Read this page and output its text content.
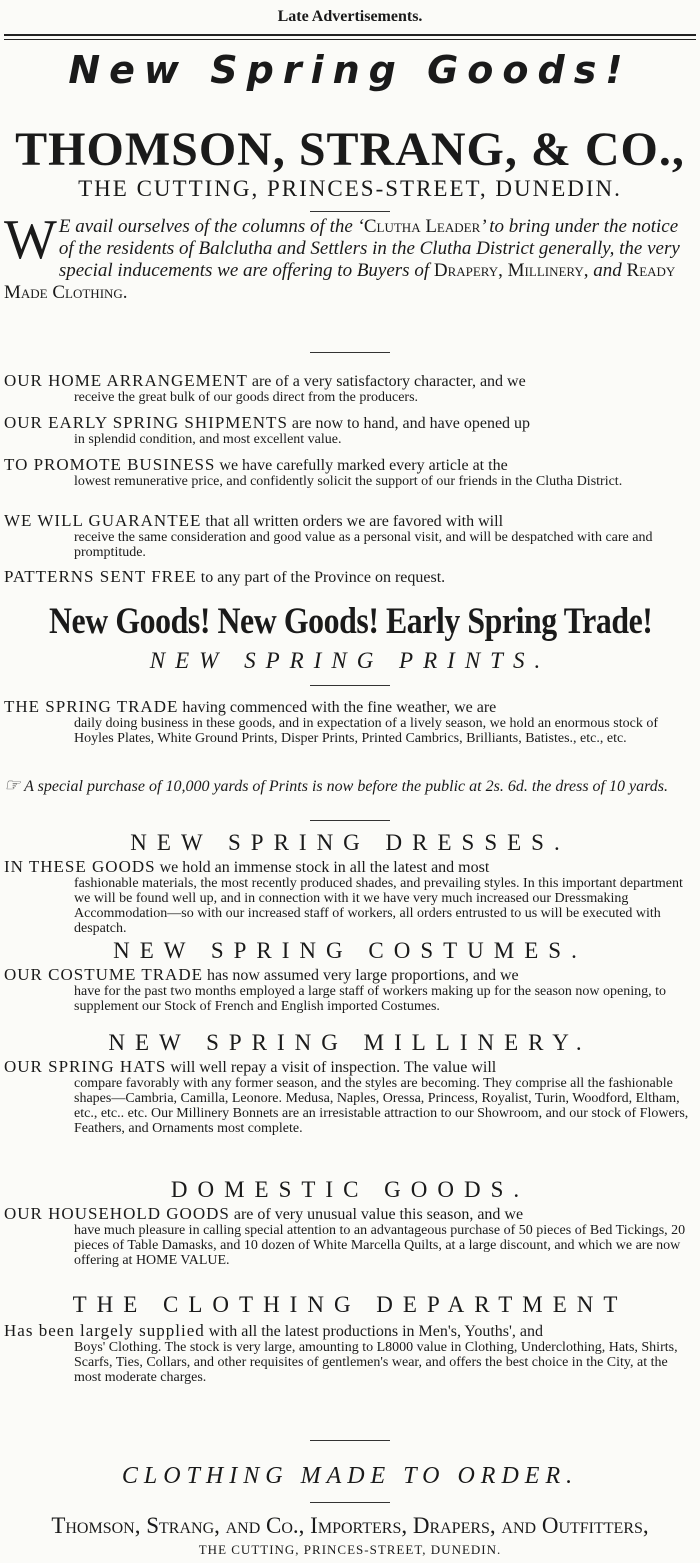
Late Advertisements.
New Spring Goods!
THOMSON, STRANG, & CO.,
THE CUTTING, PRINCES-STREET, DUNEDIN.
W E avail ourselves of the columns of the ‘Clutha Leader’ to bring under the notice of the residents of Balclutha and Settlers in the Clutha District generally, the very special inducements we are offering to Buyers of Drapery, Millinery, and Ready Made Clothing.
OUR HOME ARRANGEMENT are of a very satisfactory character, and we
receive the great bulk of our goods direct from the producers.
OUR EARLY SPRING SHIPMENTS are now to hand, and have opened up
in splendid condition, and most excellent value.
TO PROMOTE BUSINESS we have carefully marked every article at the
lowest remunerative price, and confidently solicit the support of our friends in the Clutha District.
WE WILL GUARANTEE that all written orders we are favored with will
receive the same consideration and good value as a personal visit, and will be despatched with care and promptitude.
PATTERNS SENT FREE to any part of the Province on request.
New Goods! New Goods! Early Spring Trade!
NEW SPRING PRINTS.
THE SPRING TRADE having commenced with the fine weather, we are
daily doing business in these goods, and in expectation of a lively season, we hold an enormous stock of Hoyles Plates, White Ground Prints, Disper Prints, Printed Cambrics, Brilliants, Batistes., etc., etc.
☞ A special purchase of 10,000 yards of Prints is now before the public at 2s. 6d. the dress of 10 yards.
NEW SPRING DRESSES.
IN THESE GOODS we hold an immense stock in all the latest and most
fashionable materials, the most recently produced shades, and prevailing styles. In this important department we will be found well up, and in connection with it we have very much increased our Dressmaking Accommodation—so with our increased staff of workers, all orders entrusted to us will be executed with despatch.
NEW SPRING COSTUMES.
OUR COSTUME TRADE has now assumed very large proportions, and we
have for the past two months employed a large staff of workers making up for the season now opening, to supplement our Stock of French and English imported Costumes.
NEW SPRING MILLINERY.
OUR SPRING HATS will well repay a visit of inspection. The value will
compare favorably with any former season, and the styles are becoming. They comprise all the fashionable shapes—Cambria, Camilla, Leonore. Medusa, Naples, Oressa, Princess, Royalist, Turin, Woodford, Eltham, etc., etc.. etc. Our Millinery Bonnets are an irresistable attraction to our Showroom, and our stock of Flowers, Feathers, and Ornaments most complete.
DOMESTIC GOODS.
OUR HOUSEHOLD GOODS are of very unusual value this season, and we
have much pleasure in calling special attention to an advantageous purchase of 50 pieces of Bed Tickings, 20 pieces of Table Damasks, and 10 dozen of White Marcella Quilts, at a large discount, and which we are now offering at HOME VALUE.
THE CLOTHING DEPARTMENT
Has been largely supplied with all the latest productions in Men's, Youths', and
Boys' Clothing. The stock is very large, amounting to L8000 value in Clothing, Underclothing, Hats, Shirts, Scarfs, Ties, Collars, and other requisites of gentlemen's wear, and offers the best choice in the City, at the most moderate charges.
CLOTHING MADE TO ORDER.
Thomson, Strang, and Co., Importers, Drapers, and Outfitters,
THE CUTTING, PRINCES-STREET, DUNEDIN.
